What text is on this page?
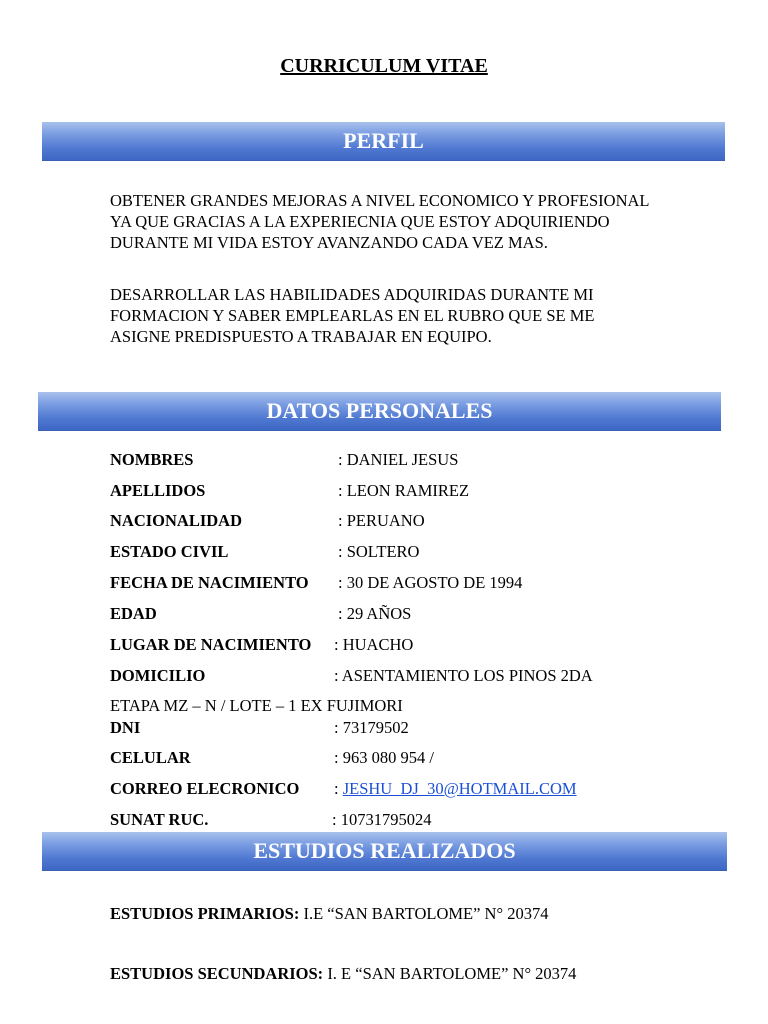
CURRICULUM VITAE
PERFIL
OBTENER GRANDES MEJORAS A NIVEL ECONOMICO Y PROFESIONAL YA QUE GRACIAS A LA EXPERIECNIA QUE ESTOY ADQUIRIENDO DURANTE MI VIDA ESTOY AVANZANDO CADA VEZ MAS.
DESARROLLAR LAS HABILIDADES ADQUIRIDAS DURANTE MI FORMACION Y SABER EMPLEARLAS EN EL RUBRO QUE SE ME ASIGNE PREDISPUESTO A TRABAJAR EN EQUIPO.
DATOS PERSONALES
NOMBRES	: DANIEL JESUS
APELLIDOS	: LEON RAMIREZ
NACIONALIDAD	: PERUANO
ESTADO CIVIL	: SOLTERO
FECHA DE NACIMIENTO : 30 DE AGOSTO DE 1994
EDAD	: 29 AÑOS
LUGAR DE NACIMIENTO : HUACHO
DOMICILIO	: ASENTAMIENTO LOS PINOS 2DA
ETAPA MZ – N / LOTE – 1 EX FUJIMORI
DNI	: 73179502
CELULAR	: 963 080 954 /
CORREO ELECRONICO : JESHU_DJ_30@HOTMAIL.COM
SUNAT RUC.	: 10731795024
ESTUDIOS REALIZADOS
ESTUDIOS PRIMARIOS: I.E “SAN BARTOLOME” N° 20374
ESTUDIOS SECUNDARIOS: I. E “SAN BARTOLOME” N° 20374
